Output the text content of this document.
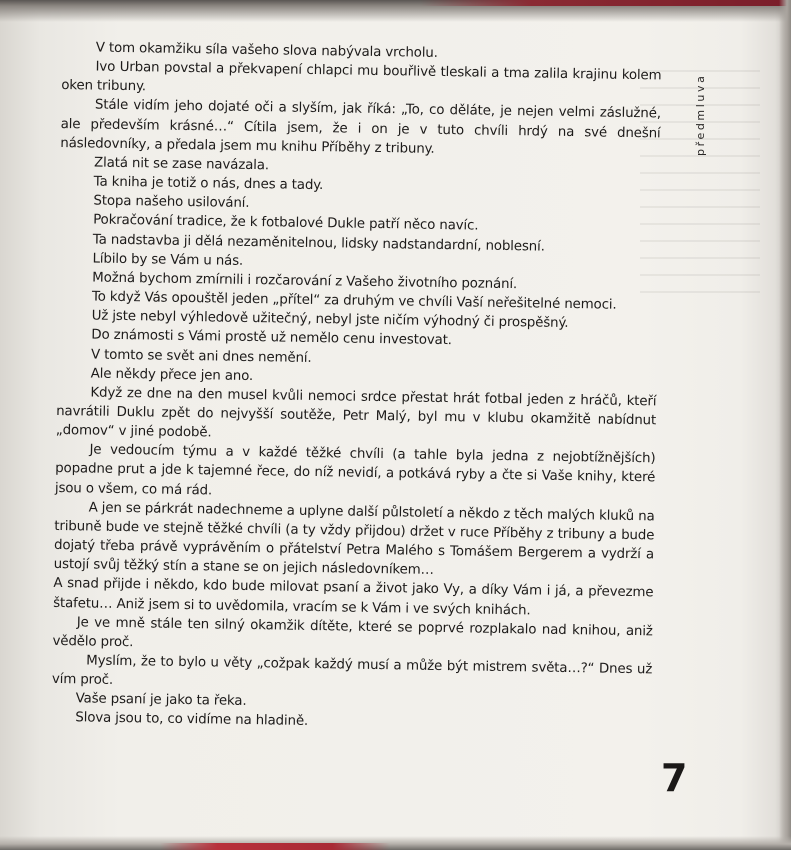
V tom okamžiku síla vašeho slova nabývala vrcholu.

Ivo Urban povstal a překvapení chlapci mu bouřlivě tleskali a tma zalila krajinu kolem oken tribuny.

Stále vidím jeho dojaté oči a slyším, jak říká: „To, co děláte, je nejen velmi záslužné, ale především krásné…“ Cítila jsem, že i on je v tuto chvíli hrdý na své dnešní následovníky, a předala jsem mu knihu Příběhy z tribuny.

Zlatá nit se zase navázala.

Ta kniha je totiž o nás, dnes a tady.

Stopa našeho usilování.

Pokračování tradice, že k fotbalové Dukle patří něco navíc.

Ta nadstavba ji dělá nezaměnitelnou, lidsky nadstandardní, noblesní.

Líbilo by se Vám u nás.

Možná bychom zmírnili i rozčarování z Vašeho životního poznání.

To když Vás opouštěl jeden „přítel“ za druhým ve chvíli Vaší neřešitelné nemoci.

Už jste nebyl výhledově užitečný, nebyl jste ničím výhodný či prospěšný.

Do známosti s Vámi prostě už nemělo cenu investovat.

V tomto se svět ani dnes nemění.

Ale někdy přece jen ano.

Když ze dne na den musel kvůli nemoci srdce přestat hrát fotbal jeden z hráčů, kteří navrátili Duklu zpět do nejvyšší soutěže, Petr Malý, byl mu v klubu okamžitě nabídnut „domov“ v jiné podobě.

Je vedoucím týmu a v každé těžké chvíli (a tahle byla jedna z nejobtížnějších) popadne prut a jde k tajemné řece, do níž nevidí, a potkává ryby a čte si Vaše knihy, které jsou o všem, co má rád.

A jen se párkrát nadechneme a uplyne další půlstoletí a někdo z těch malých kluků na tribuně bude ve stejně těžké chvíli (a ty vždy přijdou) držet v ruce Příběhy z tribuny a bude dojatý třeba právě vyprávěním o přátelství Petra Malého s Tomášem Bergerem a vydrží a ustojí svůj těžký stín a stane se on jejich následovníkem…

A snad přijde i někdo, kdo bude milovat psaní a život jako Vy, a díky Vám i já, a převezme štafetu… Aniž jsem si to uvědomila, vracím se k Vám i ve svých knihách.

Je ve mně stále ten silný okamžik dítěte, které se poprvé rozplakalo nad knihou, aniž vědělo proč.

Myslím, že to bylo u věty „cožpak každý musí a může být mistrem světa…?“ Dnes už vím proč.

Vaše psaní je jako ta řeka.

Slova jsou to, co vidíme na hladině.

předmluva
7
